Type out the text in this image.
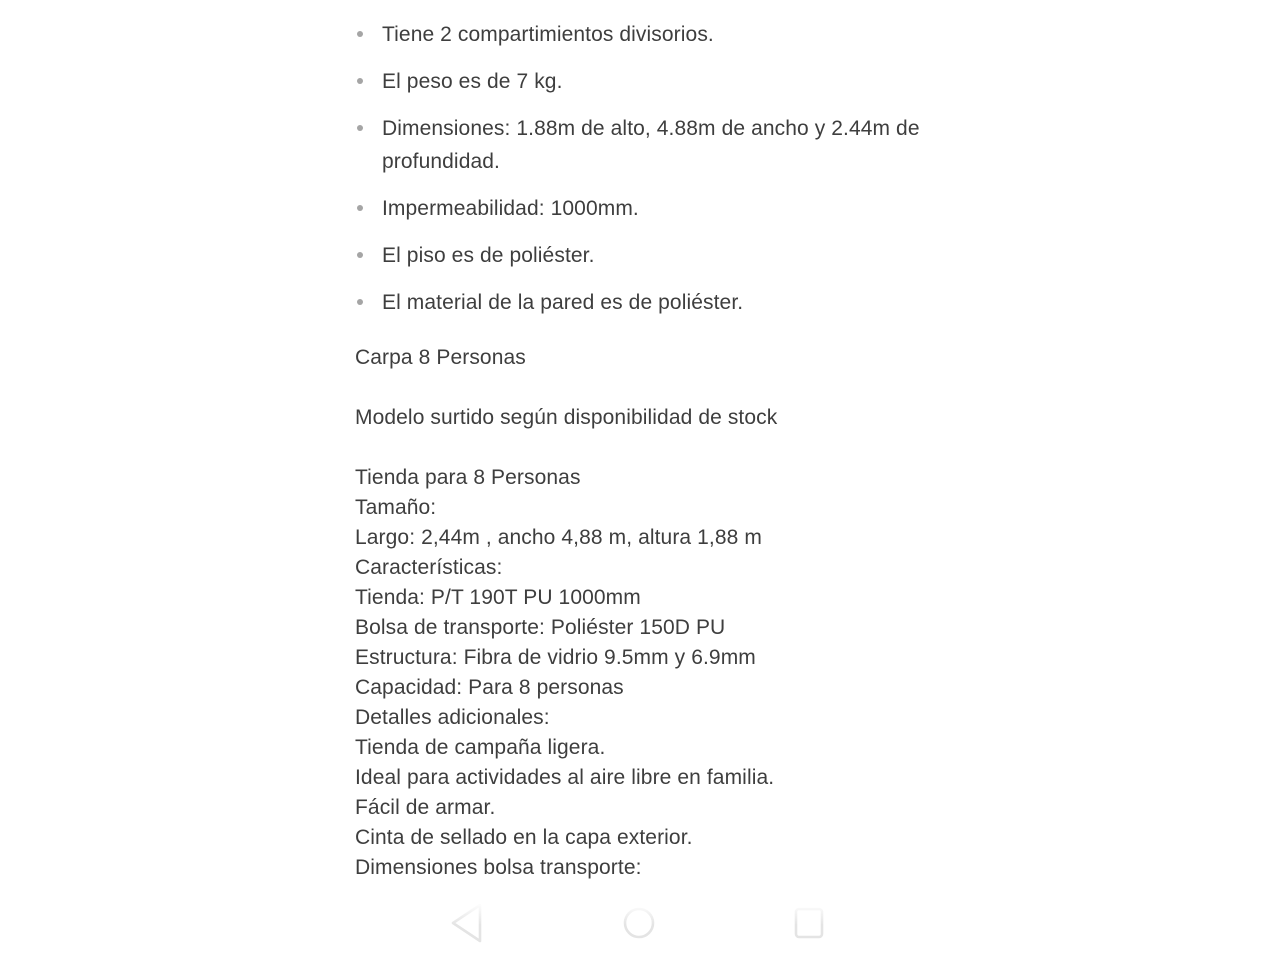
Tiene 2 compartimientos divisorios.
El peso es de 7 kg.
Dimensiones: 1.88m de alto, 4.88m de ancho y 2.44m de profundidad.
Impermeabilidad: 1000mm.
El piso es de poliéster.
El material de la pared es de poliéster.

Carpa 8 Personas

Modelo surtido según disponibilidad de stock

Tienda para 8 Personas
Tamaño:
Largo: 2,44m , ancho 4,88 m, altura 1,88 m
Características:
Tienda: P/T 190T PU 1000mm
Bolsa de transporte: Poliéster 150D PU
Estructura: Fibra de vidrio 9.5mm y 6.9mm
Capacidad: Para 8 personas
Detalles adicionales:
Tienda de campaña ligera.
Ideal para actividades al aire libre en familia.
Fácil de armar.
Cinta de sellado en la capa exterior.
Dimensiones bolsa transporte:
